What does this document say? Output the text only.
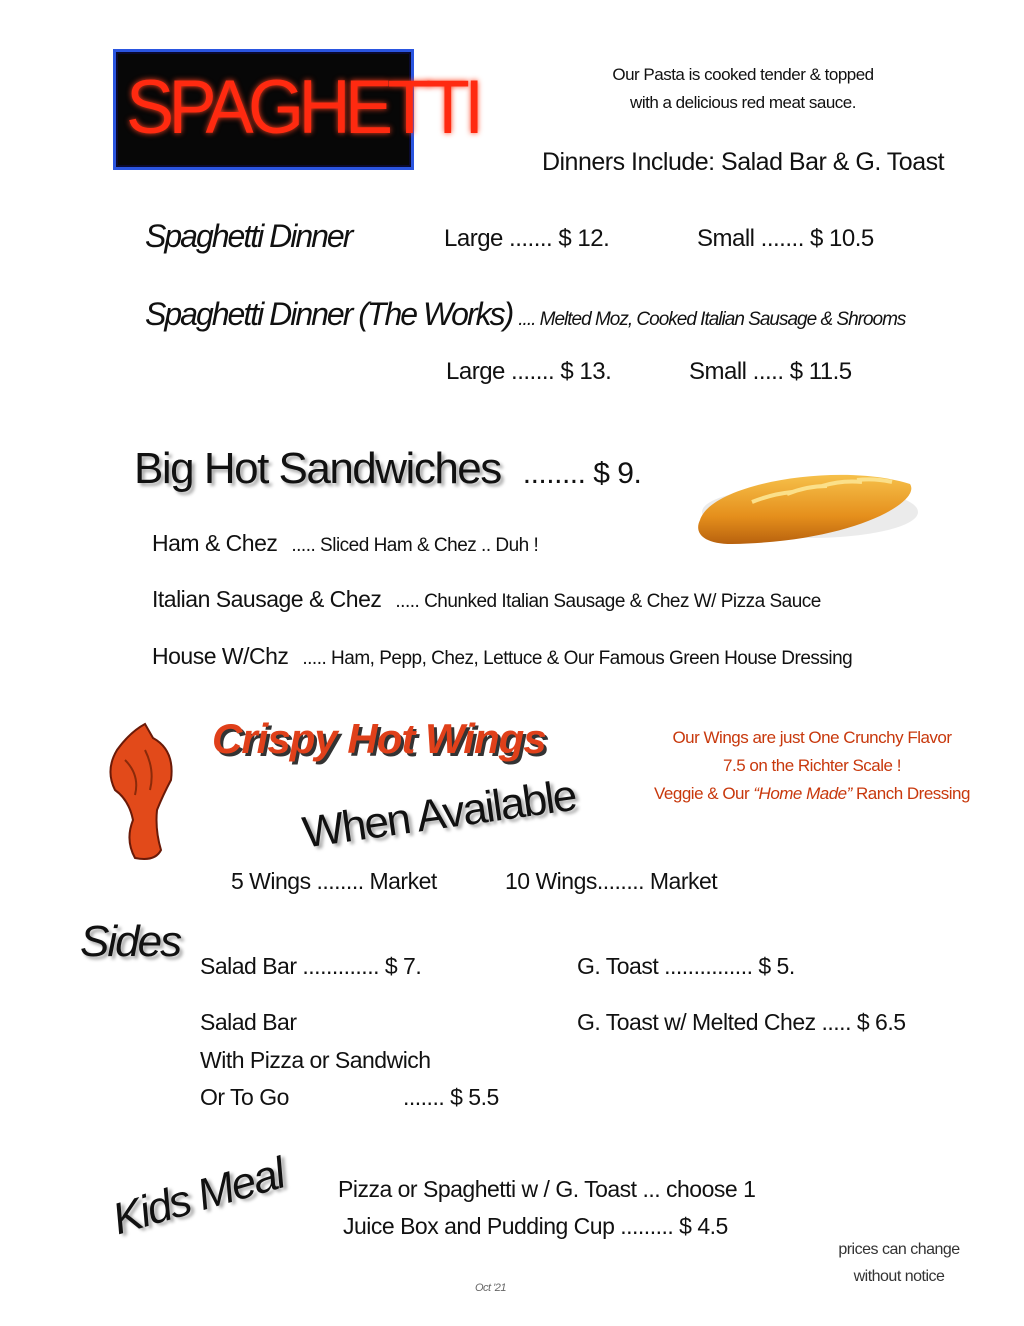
SPAGHETTI	Our Pasta is cooked tender & topped
with a delicious red meat sauce.
Dinners Include: Salad Bar & G. Toast
Spaghetti Dinner	Large ....... $ 12.	Small ....... $ 10.5
Spaghetti Dinner (The Works) .... Melted Moz, Cooked Italian Sausage & Shrooms
Large ....... $ 13.	Small ..... $ 11.5
Big Hot Sandwiches ........ $ 9.
Ham & Chez ..... Sliced Ham & Chez .. Duh !
Italian Sausage & Chez ..... Chunked Italian Sausage & Chez W/ Pizza Sauce
House W/Chz ..... Ham, Pepp, Chez, Lettuce & Our Famous Green House Dressing
Crispy Hot Wings
When Available
Our Wings are just One Crunchy Flavor
7.5 on the Richter Scale !
Veggie & Our “Home Made” Ranch Dressing
5 Wings ........ Market	10 Wings........ Market
Sides Salad Bar ............. $ 7.	G. Toast ............... $ 5.
Salad Bar
With Pizza or Sandwich
Or To Go	....... $ 5.5
G. Toast w/ Melted Chez ..... $ 6.5
Kids Meal Pizza or Spaghetti w / G. Toast ... choose 1
Juice Box and Pudding Cup ......... $ 4.5
prices can change
without notice
Oct '21
